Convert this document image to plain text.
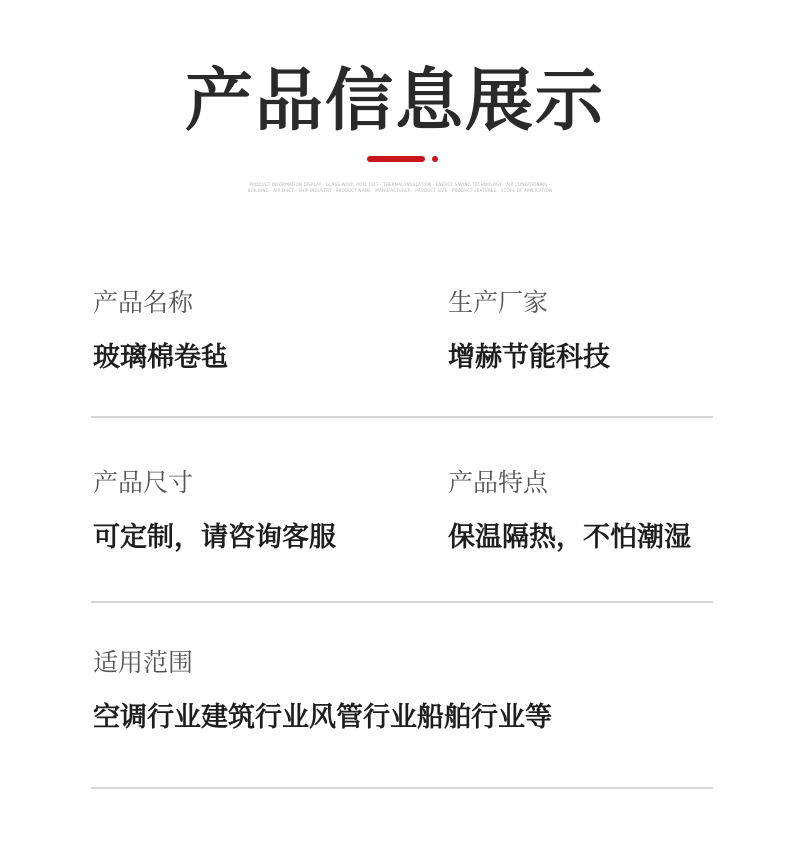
产品信息展示
PRODUCT INFORMATION DISPLAY · GLASS WOOL ROLL FELT · THERMAL INSULATION · ENERGY SAVING TECHNOLOGY · AIR CONDITIONING · BUILDING · AIR DUCT · SHIP INDUSTRY · PRODUCT NAME · MANUFACTURER · PRODUCT SIZE · PRODUCT FEATURES · SCOPE OF APPLICATION
产品名称
玻璃棉卷毡
生产厂家
增赫节能科技
产品尺寸
可定制，请咨询客服
产品特点
保温隔热，不怕潮湿
适用范围
空调行业建筑行业风管行业船舶行业等
